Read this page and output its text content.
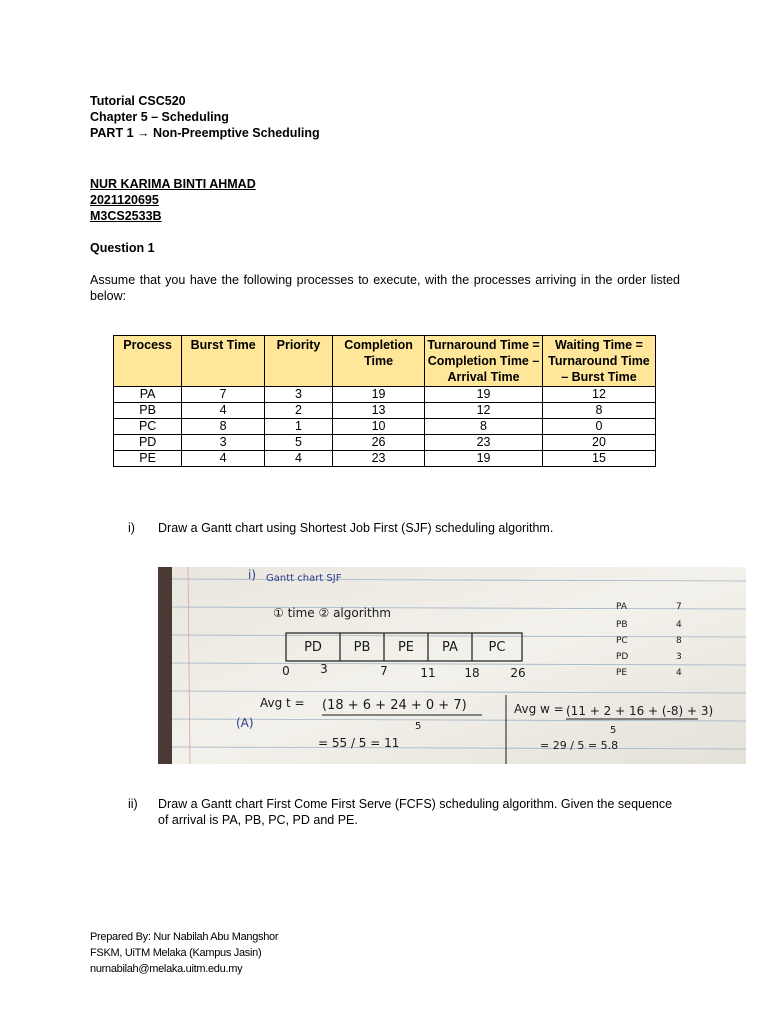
Tutorial CSC520
Chapter 5 – Scheduling
PART 1 → Non-Preemptive Scheduling
NUR KARIMA BINTI AHMAD
2021120695
M3CS2533B
Question 1
Assume that you have the following processes to execute, with the processes arriving in the order listed below:
Process	Burst Time	Priority	Completion Time	Turnaround Time = Completion Time – Arrival Time	Waiting Time = Turnaround Time – Burst Time
PA	7	3	19	19	12
PB	4	2	13	12	8
PC	8	1	10	8	0
PD	3	5	26	23	20
PE	4	4	23	19	15
i) Draw a Gantt chart using Shortest Job First (SJF) scheduling algorithm.
i) Gantt chart SJF
① time ② algorithm
PD PB PE PA PC
0	3	7	11 18	26
PA	7
PB	4
PC	8
PD	3
PE	4
Avg t = (18 + 6 + 24 + 0 + 7)
5
= 55 / 5 = 11
Avg w = (11 + 2 + 16 + (-8) + 3)
5
= 29 / 5 = 5.8
(A)
ii) Draw a Gantt chart First Come First Serve (FCFS) scheduling algorithm. Given the sequence of arrival is PA, PB, PC, PD and PE.
Prepared By: Nur Nabilah Abu Mangshor
FSKM, UiTM Melaka (Kampus Jasin)
nurnabilah@melaka.uitm.edu.my
